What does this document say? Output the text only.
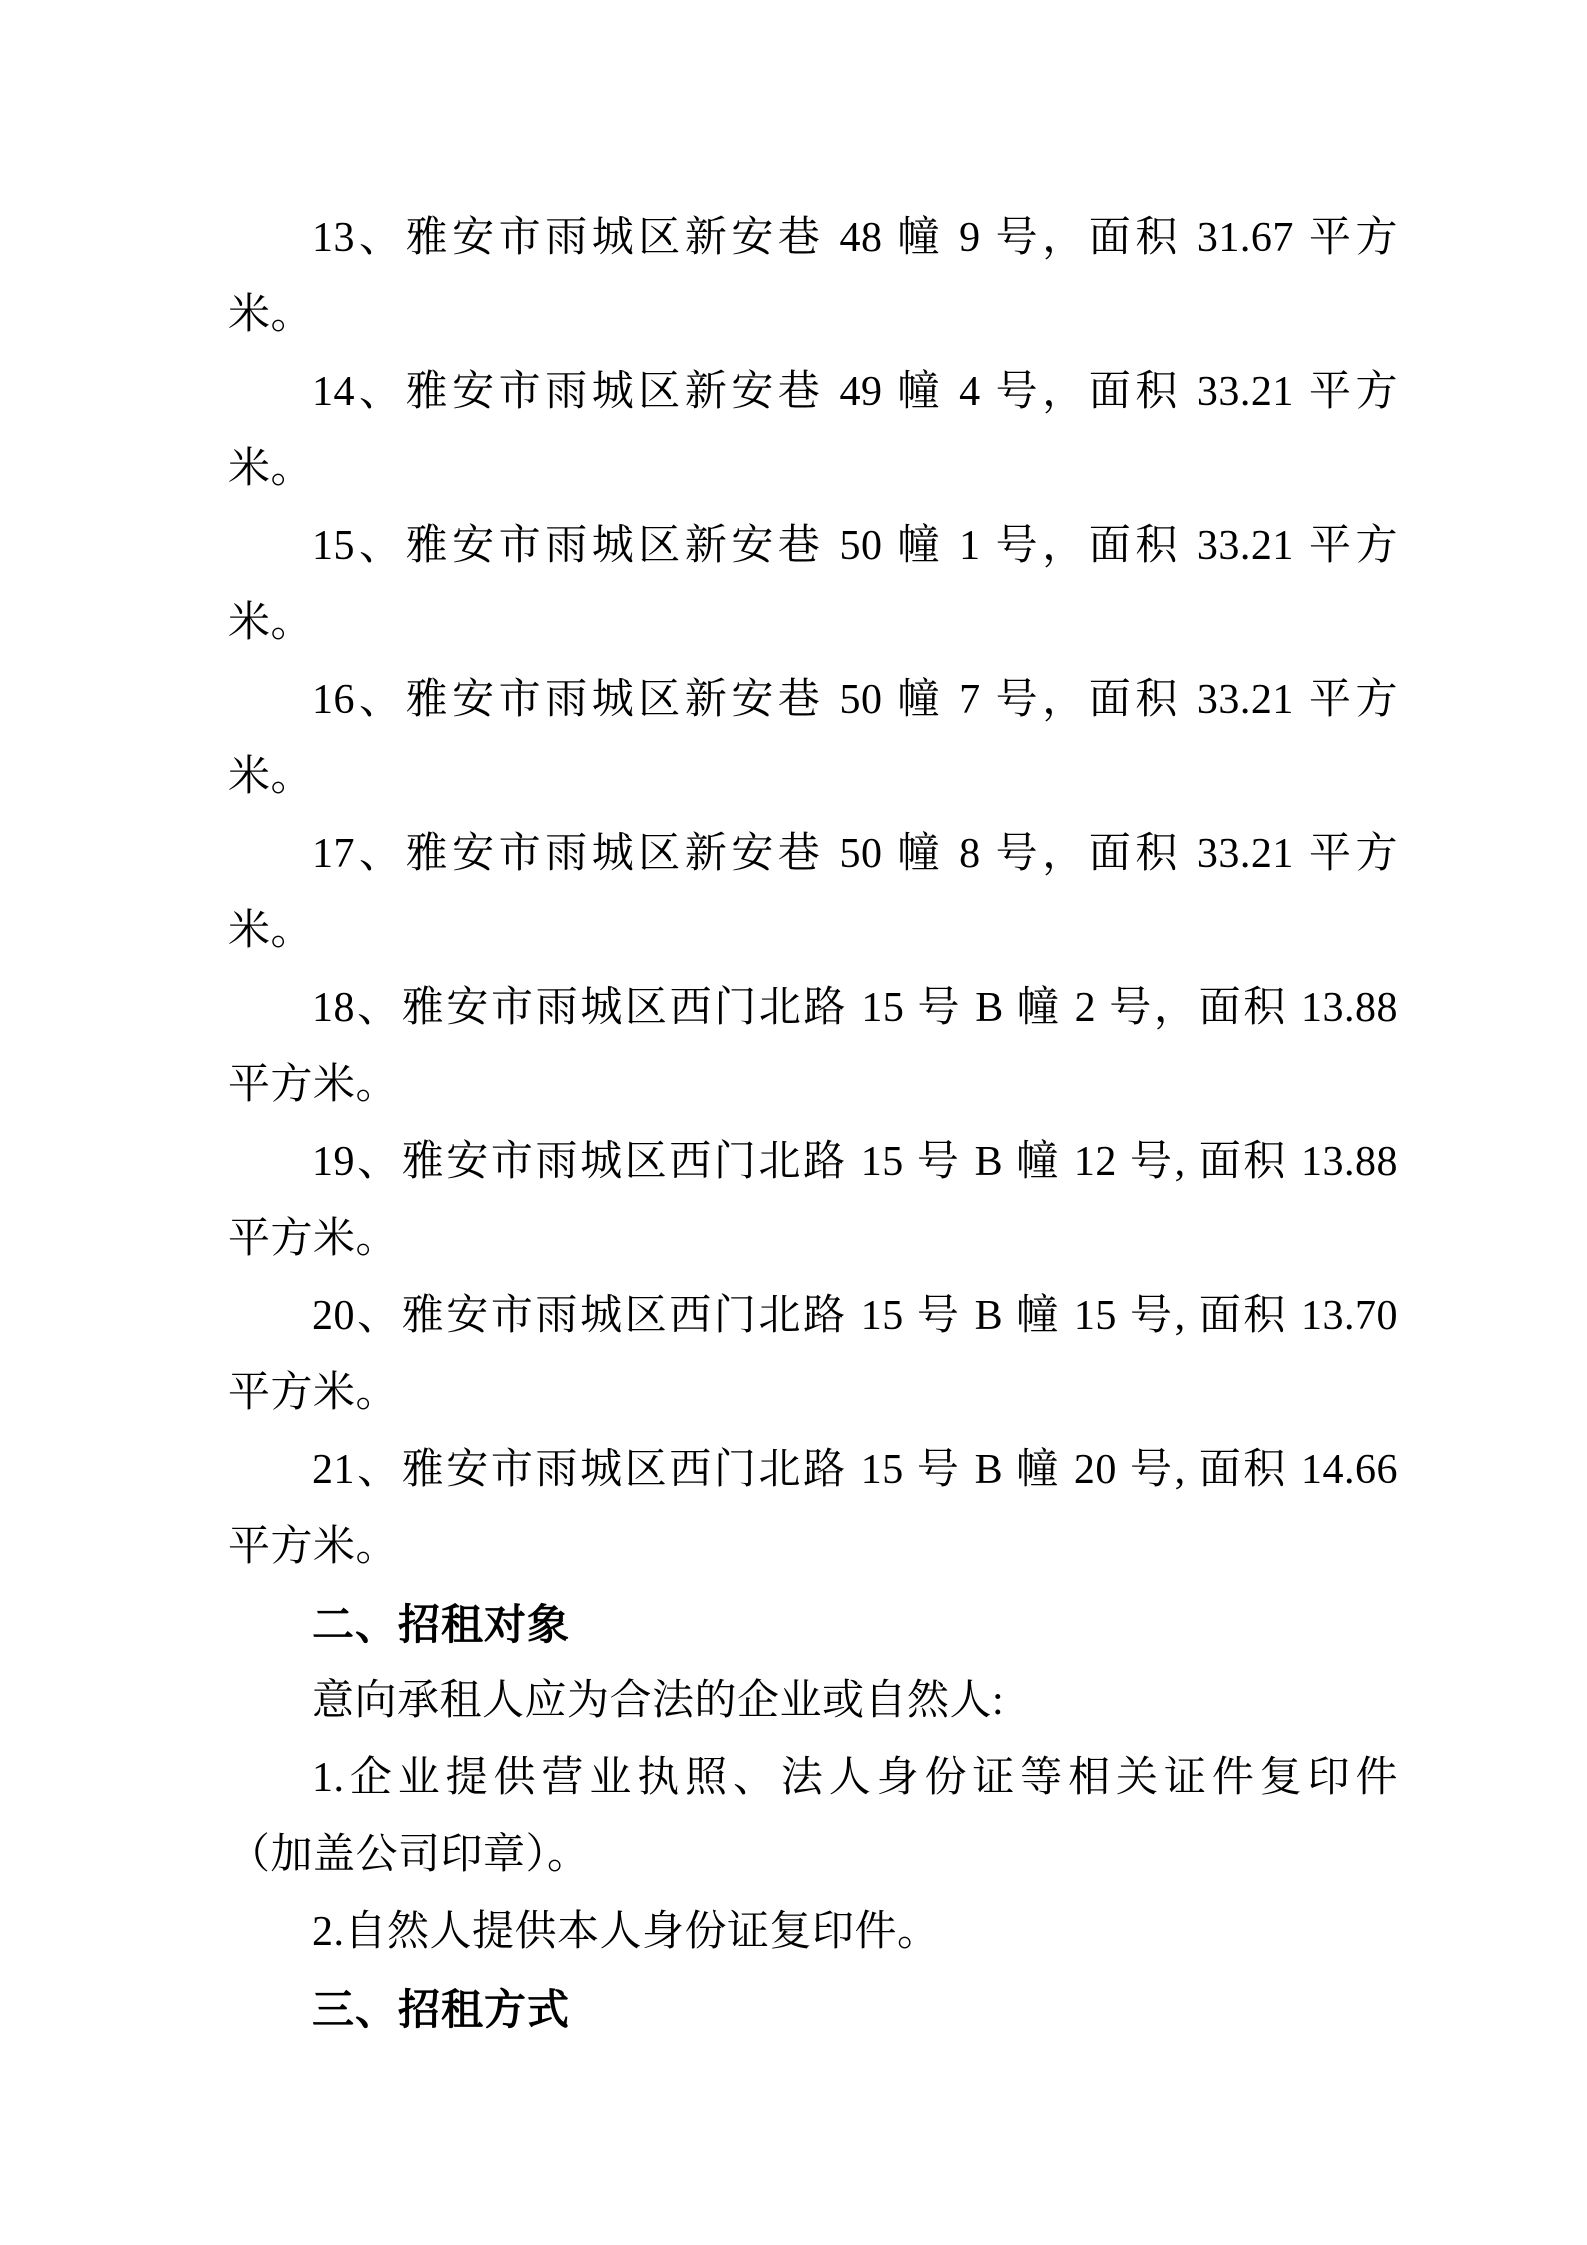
13、雅安市雨城区新安巷 48 幢 9 号，面积 31.67 平方
米。
14、雅安市雨城区新安巷 49 幢 4 号，面积 33.21 平方
米。
15、雅安市雨城区新安巷 50 幢 1 号，面积 33.21 平方
米。
16、雅安市雨城区新安巷 50 幢 7 号，面积 33.21 平方
米。
17、雅安市雨城区新安巷 50 幢 8 号，面积 33.21 平方
米。
18、雅安市雨城区西门北路 15 号 B 幢 2 号，面积 13.88
平方米。
19、雅安市雨城区西门北路 15 号 B 幢 12 号, 面积 13.88
平方米。
20、雅安市雨城区西门北路 15 号 B 幢 15 号, 面积 13.70
平方米。
21、雅安市雨城区西门北路 15 号 B 幢 20 号, 面积 14.66
平方米。
二、招租对象
意向承租人应为合法的企业或自然人:
1.企业提供营业执照、法人身份证等相关证件复印件
（加盖公司印章）。
2.自然人提供本人身份证复印件。
三、招租方式
